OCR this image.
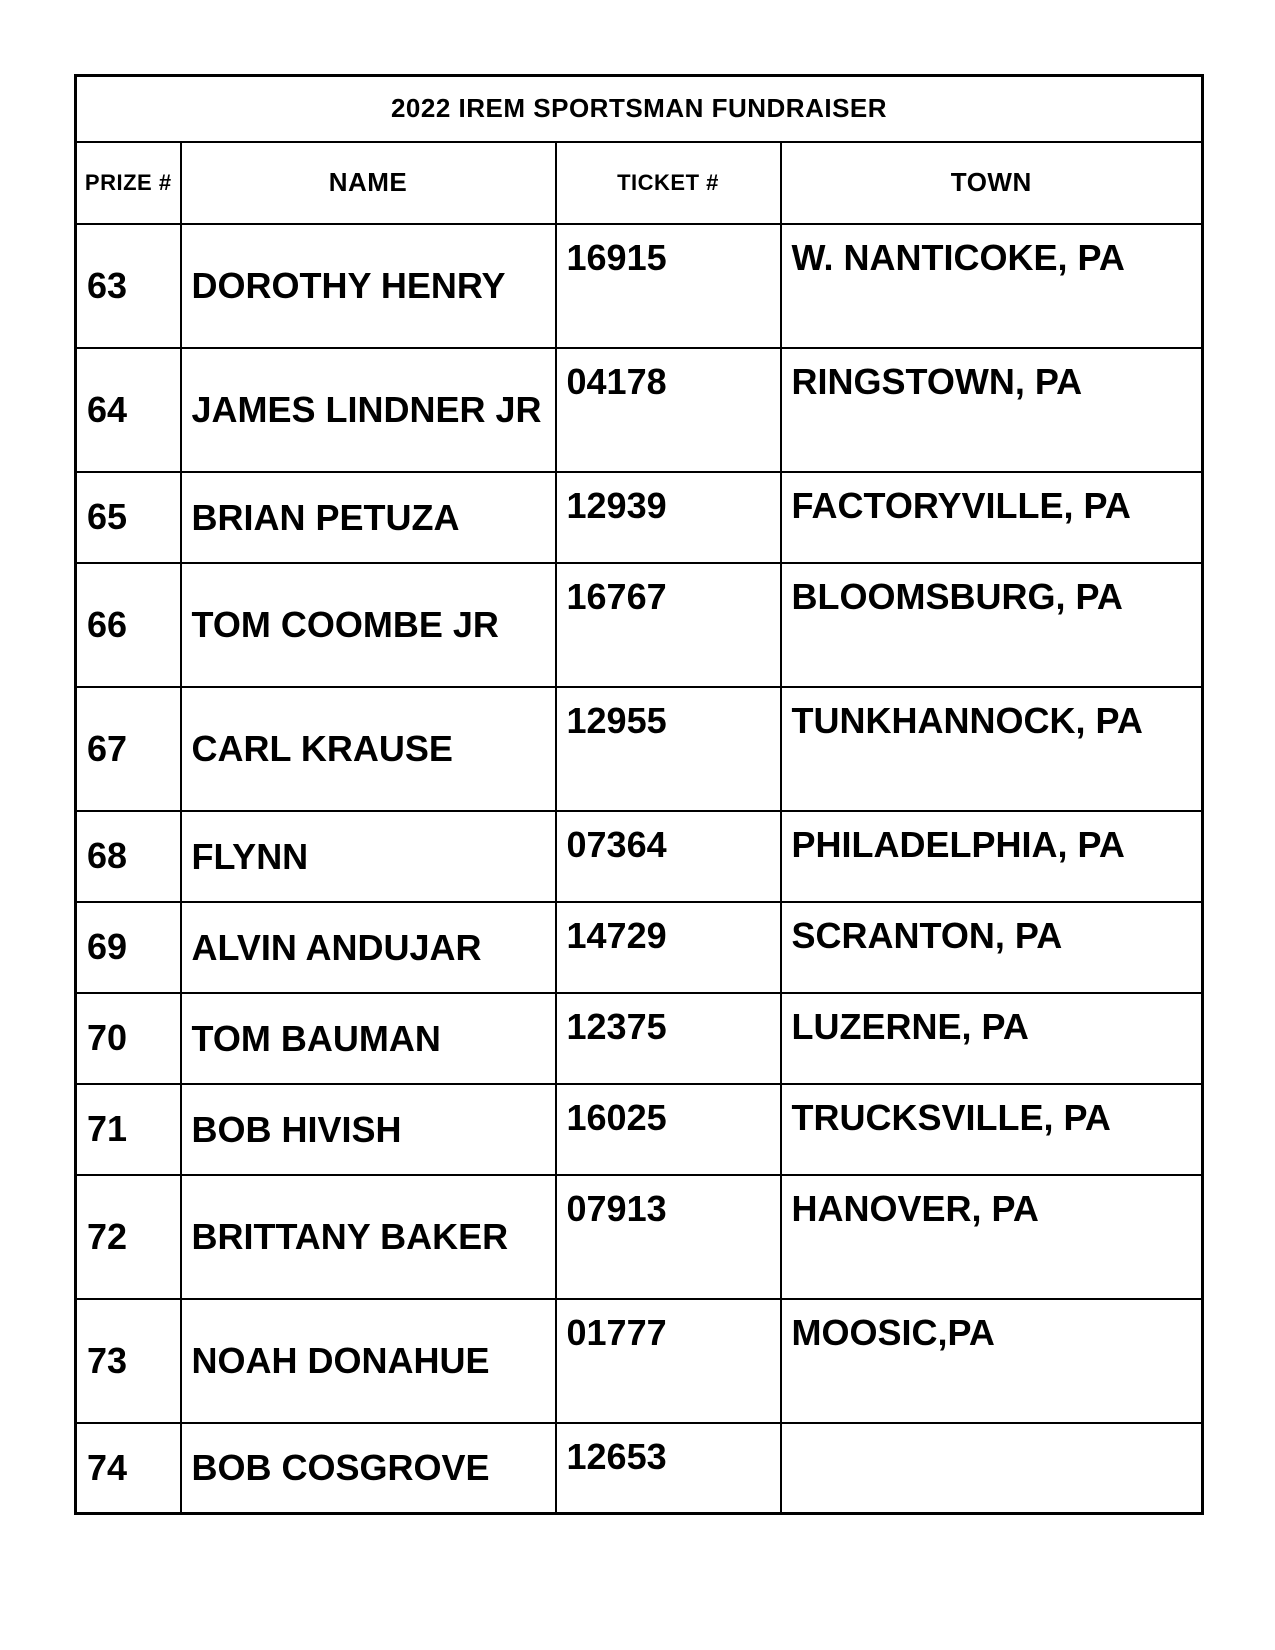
2022 IREM SPORTSMAN FUNDRAISER			
PRIZE #	NAME	TICKET #	TOWN
63	DOROTHY HENRY	16915	W. NANTICOKE, PA
64	JAMES LINDNER JR	04178	RINGSTOWN, PA
65	BRIAN PETUZA	12939	FACTORYVILLE, PA
66	TOM COOMBE JR	16767	BLOOMSBURG, PA
67	CARL KRAUSE	12955	TUNKHANNOCK, PA
68	FLYNN	07364	PHILADELPHIA, PA
69	ALVIN ANDUJAR	14729	SCRANTON, PA
70	TOM BAUMAN	12375	LUZERNE, PA
71	BOB HIVISH	16025	TRUCKSVILLE, PA
72	BRITTANY BAKER	07913	HANOVER, PA
73	NOAH DONAHUE	01777	MOOSIC,PA
74	BOB COSGROVE	12653	
